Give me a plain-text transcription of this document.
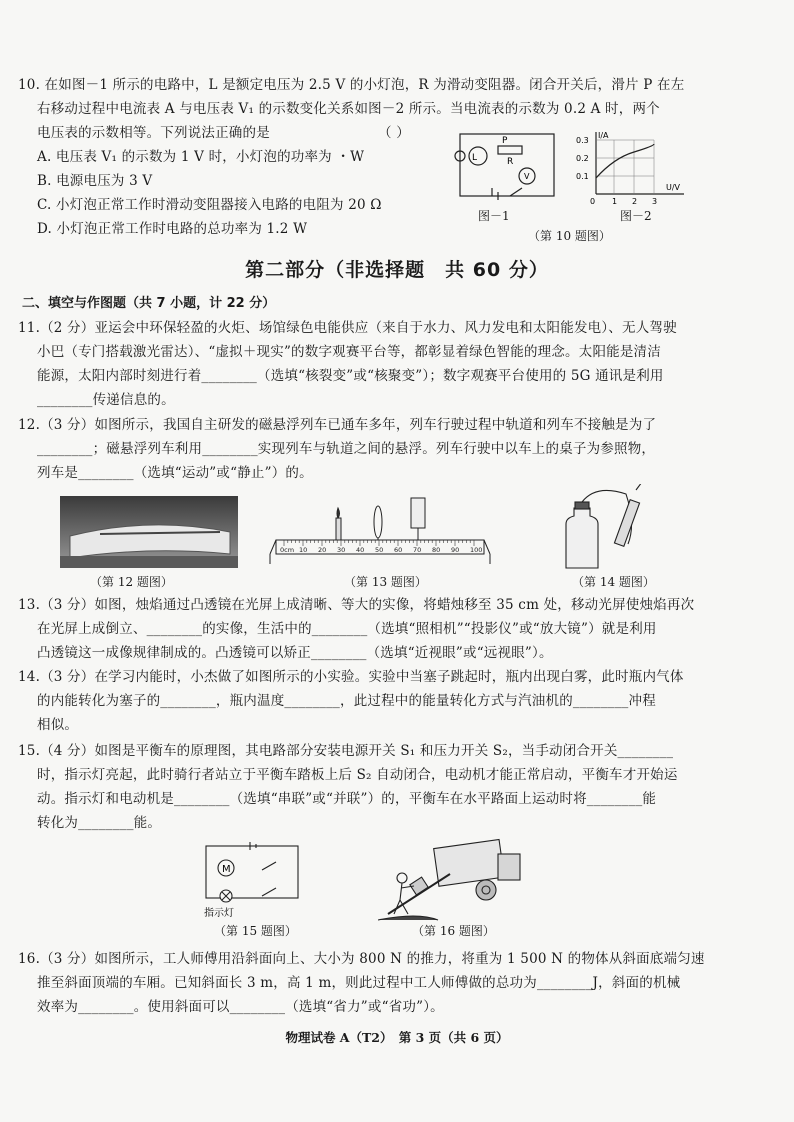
10. 在如图－1 所示的电路中，L 是额定电压为 2.5 V 的小灯泡，R 为滑动变阻器。闭合开关后，滑片 P 在左
右移动过程中电流表 A 与电压表 V₁ 的示数变化关系如图－2 所示。当电流表的示数为 0.2 A 时，两个
电压表的示数相等。下列说法正确的是	（ ）
A. 电压表 V₁ 的示数为 1 V 时，小灯泡的功率为 ・W
B. 电源电压为 3 V
C. 小灯泡正常工作时滑动变阻器接入电路的电阻为 20 Ω
D. 小灯泡正常工作时电路的总功率为 1.2 W
L
P
R
V
图－1
0.3
0.2
0.1
I/A
0 1 2 3
U/V
图－2
（第 10 题图）
第二部分（非选择题　共 60 分）
二、填空与作图题（共 7 小题，计 22 分）
11.（2 分）亚运会中环保轻盈的火炬、场馆绿色电能供应（来自于水力、风力发电和太阳能发电）、无人驾驶
小巴（专门搭载激光雷达）、“虚拟＋现实”的数字观赛平台等，都彰显着绿色智能的理念。太阳能是清洁
能源，太阳内部时刻进行着________（选填“核裂变”或“核聚变”）；数字观赛平台使用的 5G 通讯是利用
________传递信息的。
12.（3 分）如图所示，我国自主研发的磁悬浮列车已通车多年，列车行驶过程中轨道和列车不接触是为了
________；磁悬浮列车利用________实现列车与轨道之间的悬浮。列车行驶中以车上的桌子为参照物，
列车是________（选填“运动”或“静止”）的。
（第 12 题图）
0cm 10 20 30 40 50 60 70 80 90 100
（第 13 题图）	（第 14 题图）
13.（3 分）如图，烛焰通过凸透镜在光屏上成清晰、等大的实像，将蜡烛移至 35 cm 处，移动光屏使烛焰再次
在光屏上成倒立、________的实像，生活中的________（选填“照相机”“投影仪”或“放大镜”）就是利用
凸透镜这一成像规律制成的。凸透镜可以矫正________（选填“近视眼”或“远视眼”）。
14.（3 分）在学习内能时，小杰做了如图所示的小实验。实验中当塞子跳起时，瓶内出现白雾，此时瓶内气体
的内能转化为塞子的________，瓶内温度________，此过程中的能量转化方式与汽油机的________冲程
相似。
15.（4 分）如图是平衡车的原理图，其电路部分安装电源开关 S₁ 和压力开关 S₂，当手动闭合开关________
时，指示灯亮起，此时骑行者站立于平衡车踏板上后 S₂ 自动闭合，电动机才能正常启动，平衡车才开始运
动。指示灯和电动机是________（选填“串联”或“并联”）的，平衡车在水平路面上运动时将________能
转化为________能。
M
指示灯
（第 15 题图）	（第 16 题图）
16.（3 分）如图所示，工人师傅用沿斜面向上、大小为 800 N 的推力，将重为 1 500 N 的物体从斜面底端匀速
推至斜面顶端的车厢。已知斜面长 3 m，高 1 m，则此过程中工人师傅做的总功为________J，斜面的机械
效率为________。使用斜面可以________（选填“省力”或“省功”）。
物理试卷 A（T2）　第 3 页（共 6 页）
